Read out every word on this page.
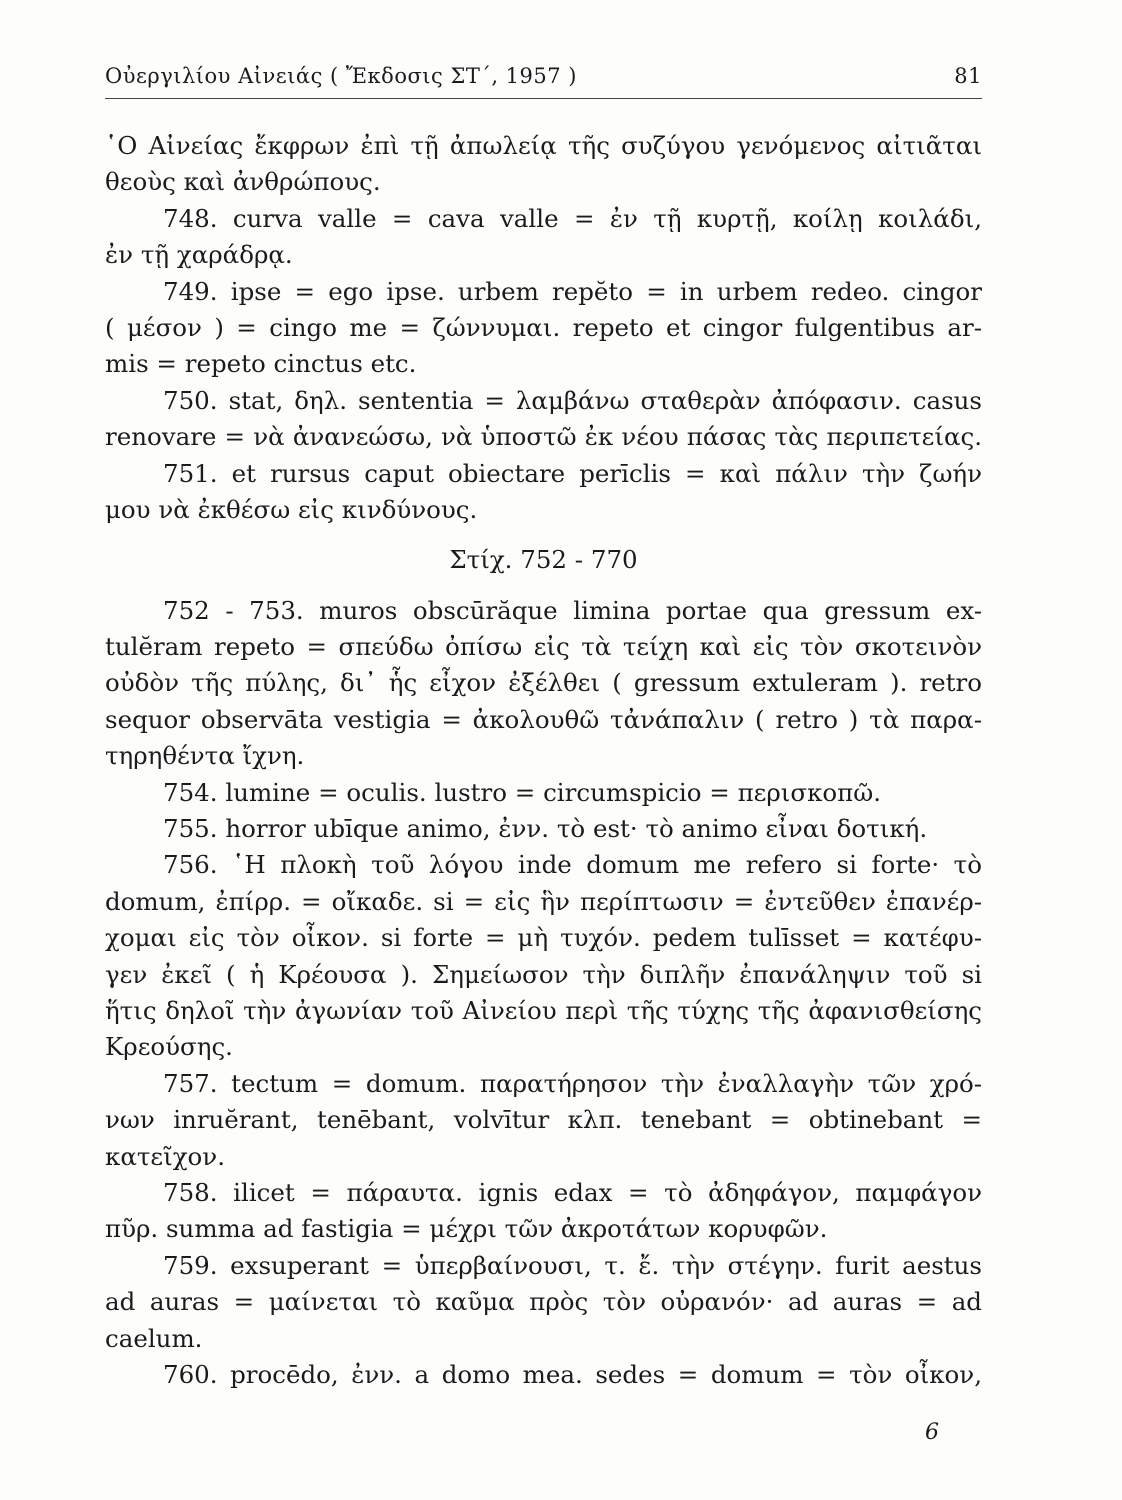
Οὐεργιλίου Αἰνειάς ( Ἔκδοσις ΣΤ΄, 1957 )	81
῾Ο Αἰνείας ἔκφρων ἐπὶ τῇ ἀπωλείᾳ τῆς συζύγου γενόμενος αἰτιᾶται
θεοὺς καὶ ἀνθρώπους.
748. curva valle = cava valle = ἐν τῇ κυρτῇ, κοίλῃ κοιλάδι,
ἐν τῇ χαράδρᾳ.
749. ipse = ego ipse. urbem repĕto = in urbem redeo. cingor
( μέσον ) = cingo me = ζώννυμαι. repeto et cingor fulgentibus ar-
mis = repeto cinctus etc.
750. stat, δηλ. sententia = λαμβάνω σταθερὰν ἀπόφασιν. casus
renovare = νὰ ἀνανεώσω, νὰ ὑποστῶ ἐκ νέου πάσας τὰς περιπετείας.
751. et rursus caput obiectare perīclis = καὶ πάλιν τὴν ζωήν
μου νὰ ἐκθέσω εἰς κινδύνους.
Στίχ. 752 - 770
752 - 753. muros obscūrăque limina portae qua gressum ex-
tulĕram repeto = σπεύδω ὀπίσω εἰς τὰ τείχη καὶ εἰς τὸν σκοτεινὸν
οὐδὸν τῆς πύλης, δι᾽ ἧς εἶχον ἐξέλθει ( gressum extuleram ). retro
sequor observāta vestigia = ἀκολουθῶ τἀνάπαλιν ( retro ) τὰ παρα-
τηρηθέντα ἴχνη.
754. lumine = oculis. lustro = circumspicio = περισκοπῶ.
755. horror ubīque animo, ἐνν. τὸ est· τὸ animo εἶναι δοτική.
756. ῾Η πλοκὴ τοῦ λόγου inde domum me refero si forte· τὸ
domum, ἐπίρρ. = οἴκαδε. si = εἰς ἣν περίπτωσιν = ἐντεῦθεν ἐπανέρ-
χομαι εἰς τὸν οἶκον. si forte = μὴ τυχόν. pedem tulīsset = κατέφυ-
γεν ἐκεῖ ( ἡ Κρέουσα ). Σημείωσον τὴν διπλῆν ἐπανάληψιν τοῦ si
ἥτις δηλοῖ τὴν ἀγωνίαν τοῦ Αἰνείου περὶ τῆς τύχης τῆς ἀφανισθείσης
Κρεούσης.
757. tectum = domum. παρατήρησον τὴν ἐναλλαγὴν τῶν χρό-
νων inruĕrant, tenēbant, volvītur κλπ. tenebant = obtinebant =
κατεῖχον.
758. ilicet = πάραυτα. ignis edax = τὸ ἀδηφάγον, παμφάγον
πῦρ. summa ad fastigia = μέχρι τῶν ἀκροτάτων κορυφῶν.
759. exsuperant = ὑπερβαίνουσι, τ. ἔ. τὴν στέγην. furit aestus
ad auras = μαίνεται τὸ καῦμα πρὸς τὸν οὐρανόν· ad auras = ad
caelum.
760. procēdo, ἐνν. a domo mea. sedes = domum = τὸν οἶκον,
6
